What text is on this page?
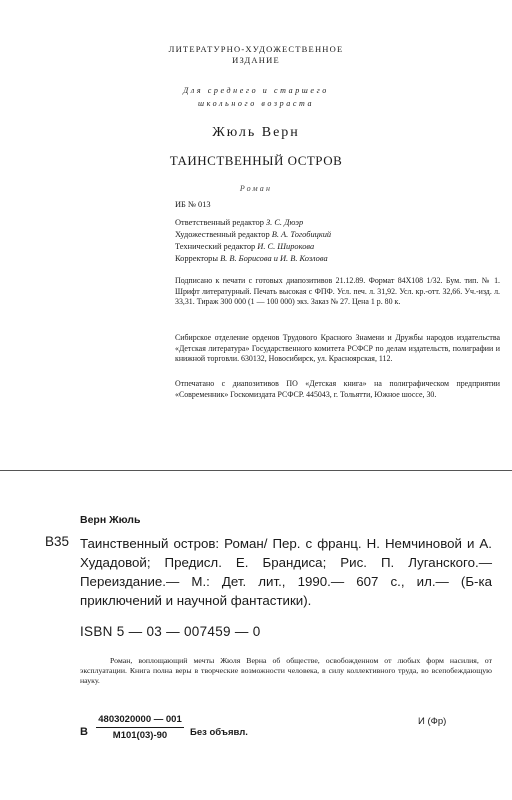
ЛИТЕРАТУРНО-ХУДОЖЕСТВЕННОЕ
ИЗДАНИЕ
Для среднего и старшего
школьного возраста
Жюль Верн
ТАИНСТВЕННЫЙ ОСТРОВ
Роман
ИБ № 013
Ответственный редактор З. С. Дюэр
Художественный редактор В. А. Тогобицкий
Технический редактор И. С. Широкова
Корректоры В. В. Борисова и И. В. Козлова
Подписано к печати с готовых диапозитивов 21.12.89. Формат 84X108 1/32. Бум. тип. № 1. Шрифт литературный. Печать высокая с ФПФ. Усл. печ. л. 31,92. Усл. кр.-отт. 32,66. Уч.-изд. л. 33,31. Тираж 300 000 (1 — 100 000) экз. Заказ № 27. Цена 1 р. 80 к.
Сибирское отделение орденов Трудового Красного Знамени и Дружбы народов издательства «Детская литература» Государственного комитета РСФСР по делам издательств, полиграфии и книжной торговли. 630132, Новосибирск, ул. Красноярская, 112.
Отпечатано с диапозитивов ПО «Детская книга» на полиграфическом предприятии «Современник» Госкомиздата РСФСР. 445043, г. Тольятти, Южное шоссе, 30.
Верн Жюль
В35 Таинственный остров: Роман/ Пер. с франц. Н. Немчиновой и А. Худадовой; Предисл. Е. Брандиса; Рис. П. Луганского.— Переиздание.— М.: Дет. лит., 1990.— 607 с., ил.— (Б-ка приключений и научной фантастики).
ISBN 5 — 03 — 007459 — 0
Роман, воплощающий мечты Жюля Верна об обществе, освобожденном от любых форм насилия, от эксплуатации. Книга полна веры в творческие возможности человека, в силу коллективного труда, во всепобеждающую науку.
В
4803020000 — 001
М101(03)-90	Без объявл.
И (Фр)
